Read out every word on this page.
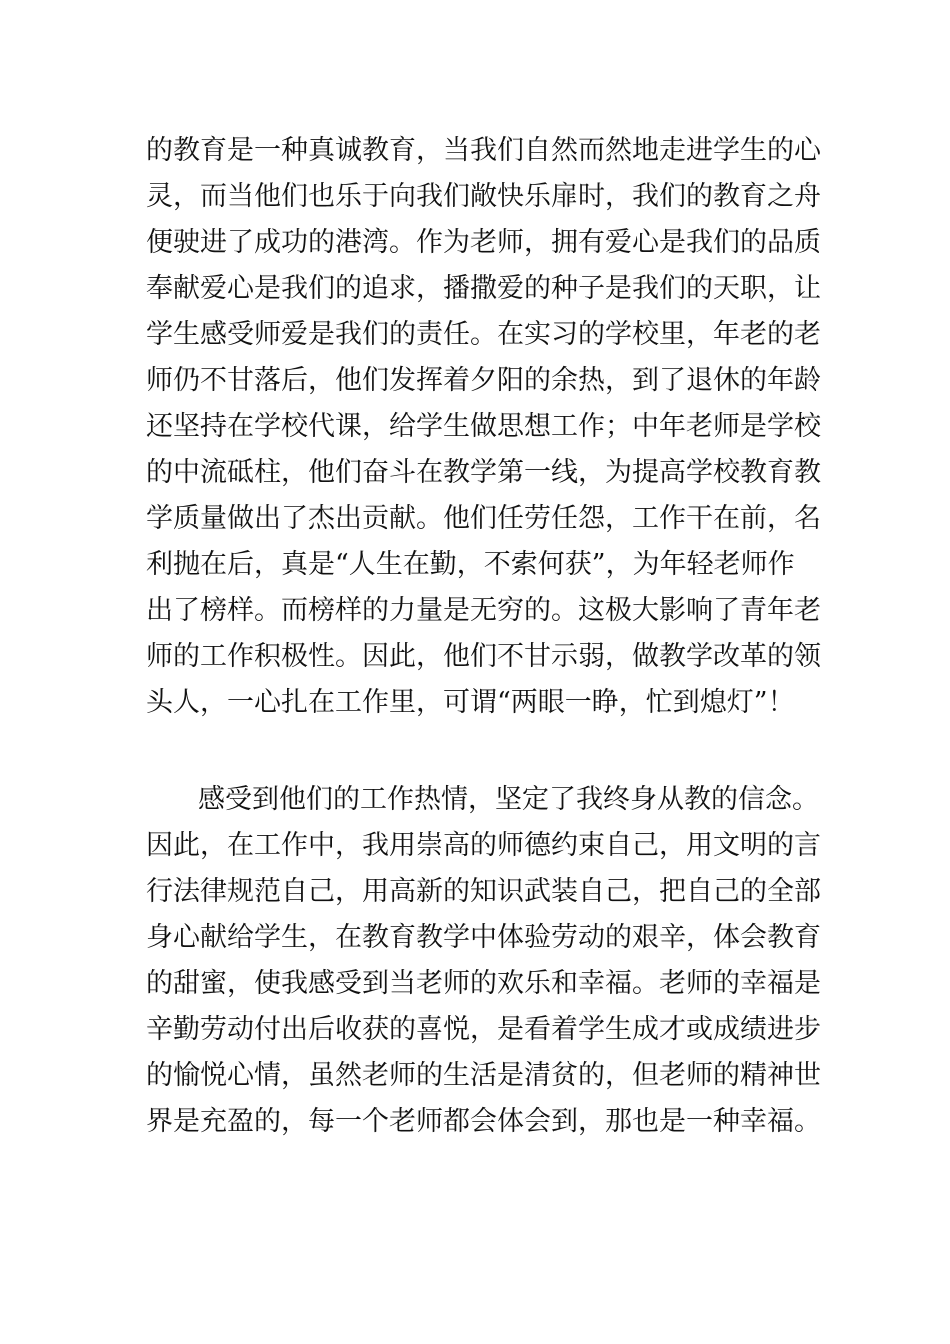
的教育是一种真诚教育，当我们自然而然地走进学生的心
灵，而当他们也乐于向我们敞快乐扉时，我们的教育之舟
便驶进了成功的港湾。作为老师，拥有爱心是我们的品质
奉献爱心是我们的追求，播撒爱的种子是我们的天职，让
学生感受师爱是我们的责任。在实习的学校里，年老的老
师仍不甘落后，他们发挥着夕阳的余热，到了退休的年龄
还坚持在学校代课，给学生做思想工作；中年老师是学校
的中流砥柱，他们奋斗在教学第一线，为提高学校教育教
学质量做出了杰出贡献。他们任劳任怨，工作干在前，名
利抛在后，真是“人生在勤，不索何获”，为年轻老师作
出了榜样。而榜样的力量是无穷的。这极大影响了青年老
师的工作积极性。因此，他们不甘示弱，做教学改革的领
头人，一心扎在工作里，可谓“两眼一睁，忙到熄灯”！
感受到他们的工作热情，坚定了我终身从教的信念。
因此，在工作中，我用崇高的师德约束自己，用文明的言
行法律规范自己，用高新的知识武装自己，把自己的全部
身心献给学生，在教育教学中体验劳动的艰辛，体会教育
的甜蜜，使我感受到当老师的欢乐和幸福。老师的幸福是
辛勤劳动付出后收获的喜悦，是看着学生成才或成绩进步
的愉悦心情，虽然老师的生活是清贫的，但老师的精神世
界是充盈的，每一个老师都会体会到，那也是一种幸福。
